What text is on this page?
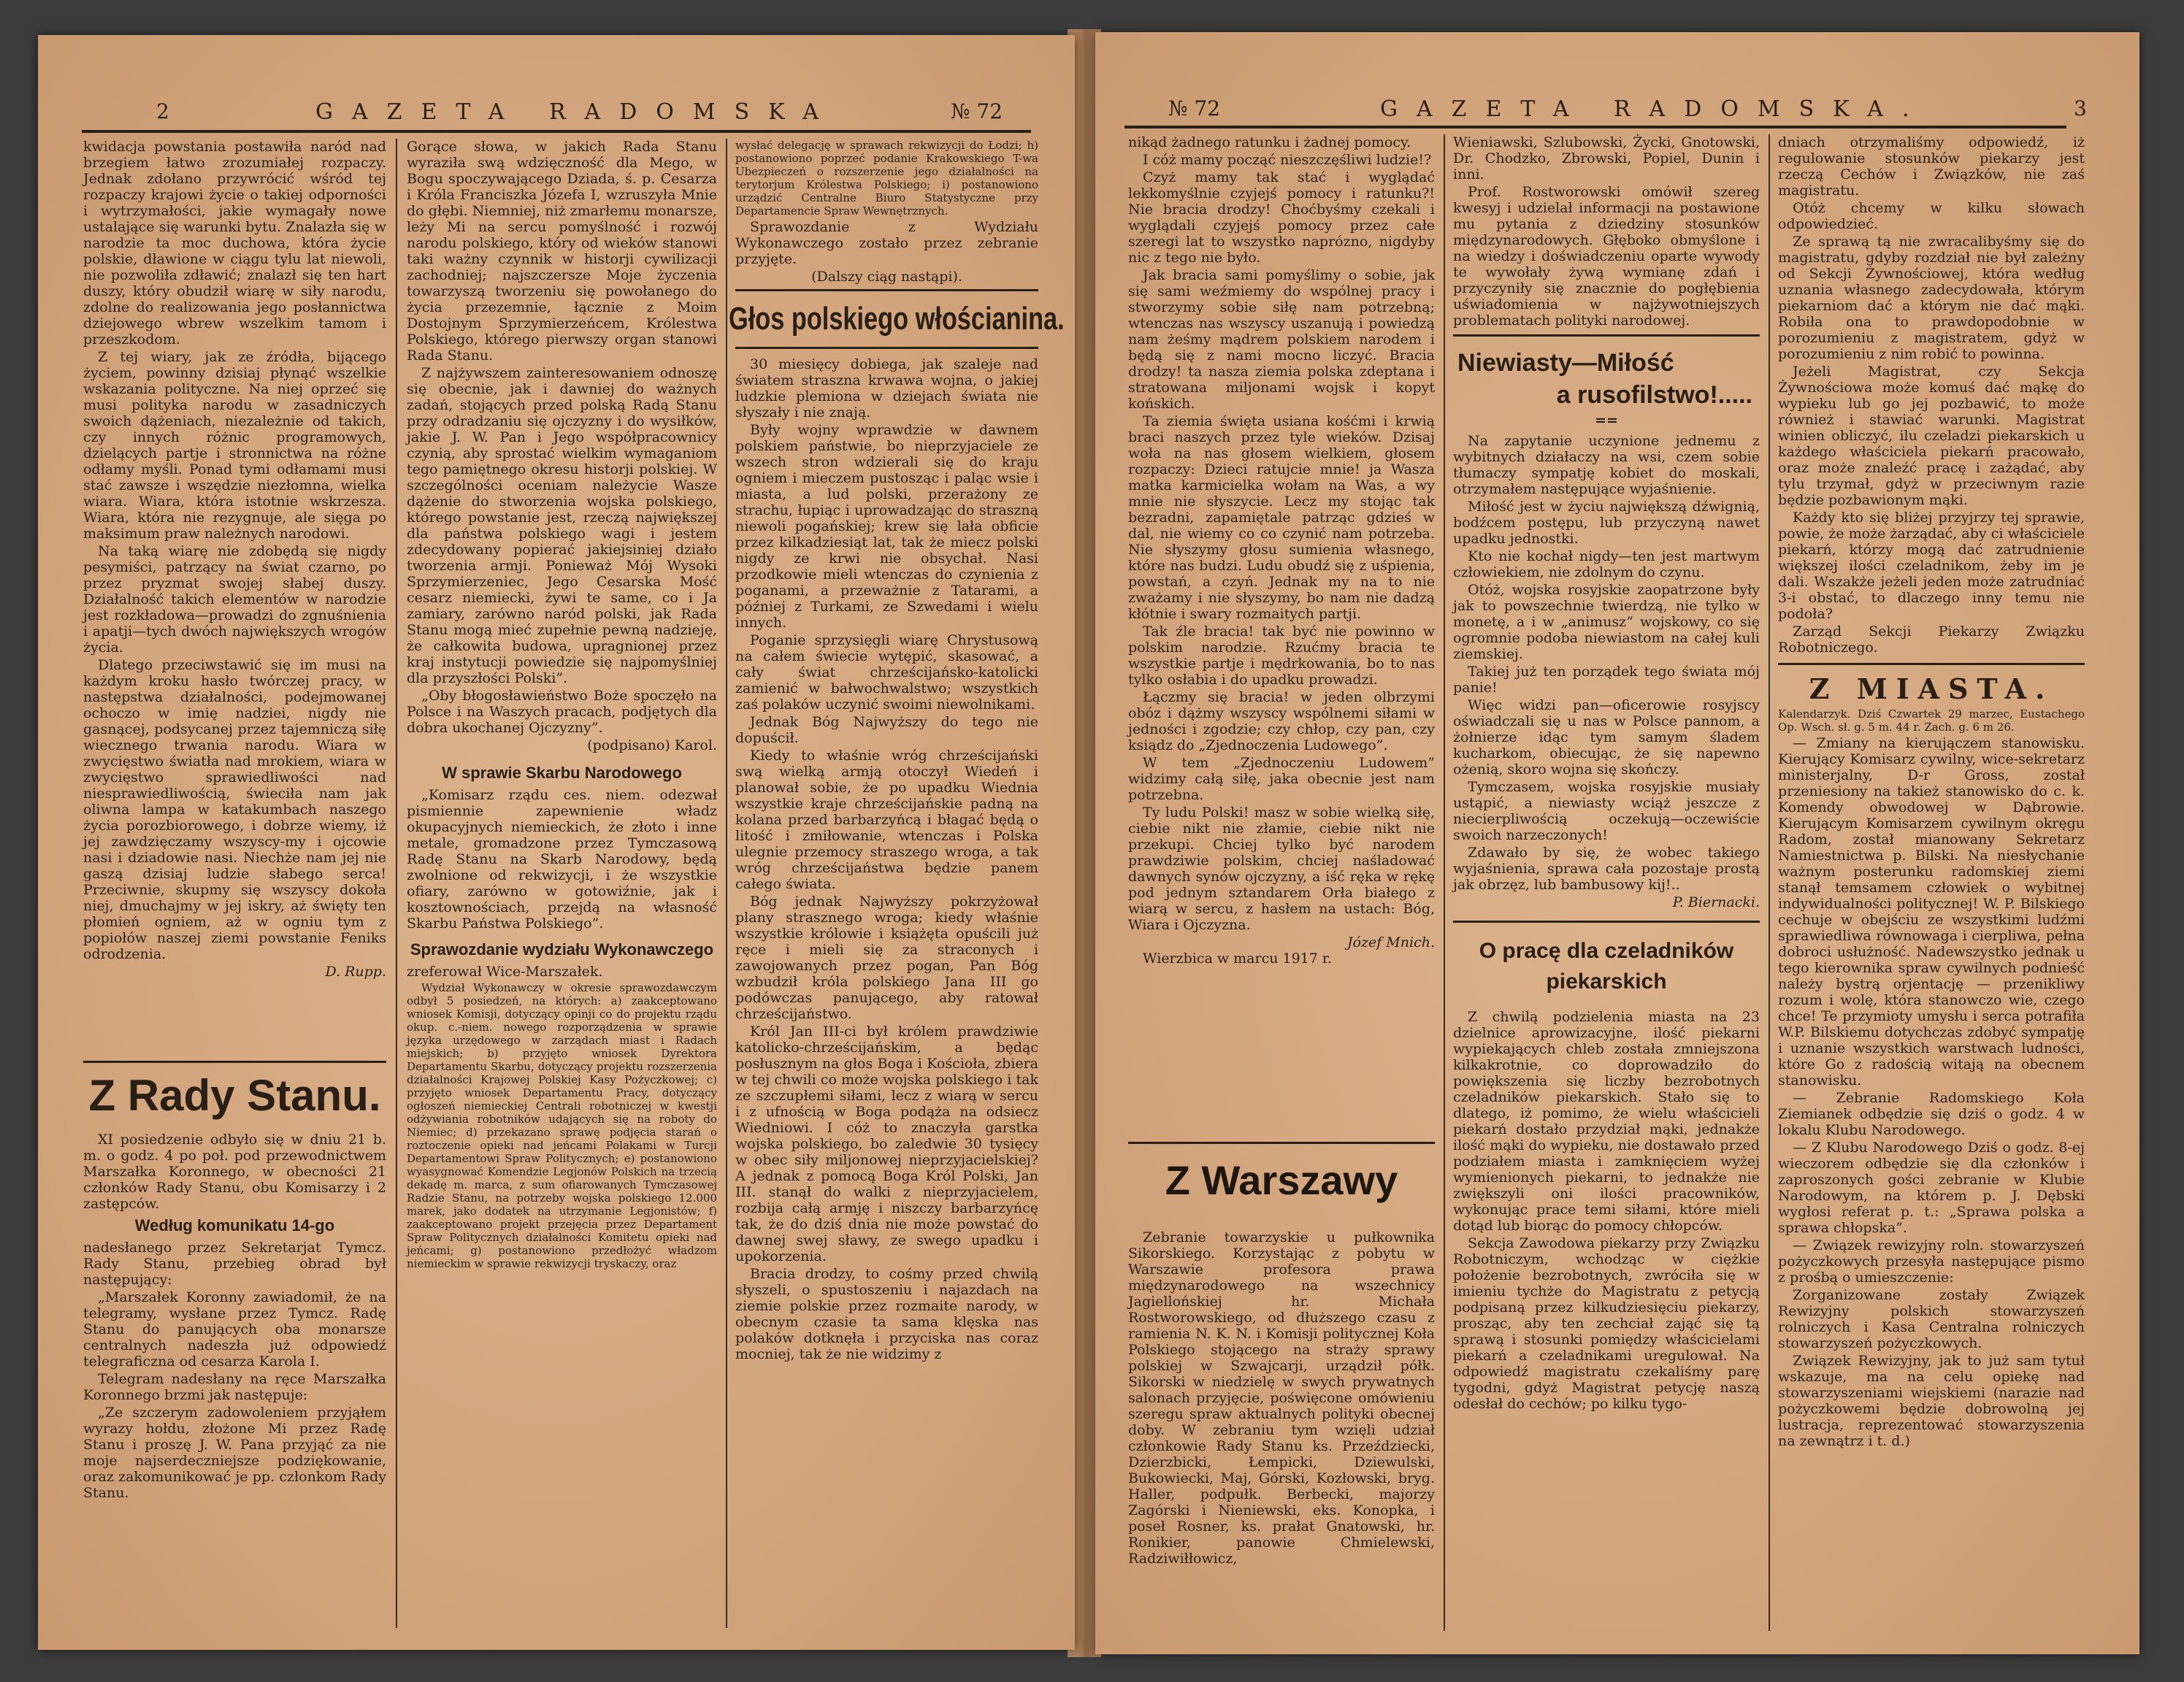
2	GAZETA RADOMSKA	№ 72

kwidacja powstania postawiła naród nad brzegiem łatwo zrozumiałej rozpaczy. Jednak zdołano przywrócić wśród tej rozpaczy krajowi życie o takiej odporności i wytrzymałości, jakie wymagały nowe ustalające się warunki bytu. Znalazła się w narodzie ta moc duchowa, która życie polskie, dławione w ciągu tylu lat niewoli, nie pozwoliła zdławić; znalazł się ten hart duszy, który obudził wiarę w siły narodu, zdolne do realizowania jego posłannictwa dziejowego wbrew wszelkim tamom i przeszkodom.

Z tej wiary, jak ze źródła, bijącego życiem, powinny dzisiaj płynąć wszelkie wskazania polityczne. Na niej oprzeć się musi polityka narodu w zasadniczych swoich dążeniach, niezależnie od takich, czy innych różnic programowych, dzielących partje i stronnictwa na różne odłamy myśli. Ponad tymi odłamami musi stać zawsze i wszędzie niezłomna, wielka wiara. Wiara, która istotnie wskrzesza. Wiara, która nie rezygnuje, ale sięga po maksimum praw należnych narodowi.

Na taką wiarę nie zdobędą się nigdy pesymiści, patrzący na świat czarno, po przez pryzmat swojej słabej duszy. Działalność takich elementów w narodzie jest rozkładowa—prowadzi do zgnuśnienia i apatji—tych dwóch największych wrogów życia.

Dlatego przeciwstawić się im musi na każdym kroku hasło twórczej pracy, w następstwa działalności, podejmowanej ochoczo w imię nadziei, nigdy nie gasnącej, podsycanej przez tajemniczą siłę wiecznego trwania narodu. Wiara w zwycięstwo światła nad mrokiem, wiara w zwycięstwo sprawiedliwości nad niesprawiedliwością, świeciła nam jak oliwna lampa w katakumbach naszego życia porozbiorowego, i dobrze wiemy, iż jej zawdzięczamy wszyscy-my i ojcowie nasi i dziadowie nasi. Niechże nam jej nie gaszą dzisiaj ludzie słabego serca! Przeciwnie, skupmy się wszyscy dokoła niej, dmuchajmy w jej iskry, aż święty ten płomień ogniem, aż w ogniu tym z popiołów naszej ziemi powstanie Feniks odrodzenia.

D. Rupp.
Z Rady Stanu.

XI posiedzenie odbyło się w dniu 21 b. m. o godz. 4 po poł. pod przewodnictwem Marszałka Koronnego, w obecności 21 członków Rady Stanu, obu Komisarzy i 2 zastępców.

Według komunikatu 14-go

nadesłanego przez Sekretarjat Tymcz. Rady Stanu, przebieg obrad był następujący:

„Marszałek Koronny zawiadomił, że na telegramy, wysłane przez Tymcz. Radę Stanu do panujących oba monarsze centralnych nadeszła już odpowiedź telegraficzna od cesarza Karola I.

Telegram nadesłany na ręce Marszałka Koronnego brzmi jak następuje:

„Ze szczerym zadowoleniem przyjąłem wyrazy hołdu, złożone Mi przez Radę Stanu i proszę J. W. Pana przyjąć za nie moje najserdeczniejsze podziękowanie, oraz zakomunikować je pp. członkom Rady Stanu.

Gorące słowa, w jakich Rada Stanu wyraziła swą wdzięczność dla Mego, w Bogu spoczywającego Dziada, ś. p. Cesarza i Króla Franciszka Józefa I, wzruszyła Mnie do głębi. Niemniej, niż zmarłemu monarsze, leży Mi na sercu pomyślność i rozwój narodu polskiego, który od wieków stanowi taki ważny czynnik w historji cywilizacji zachodniej; najszczersze Moje życzenia towarzyszą tworzeniu się powołanego do życia przezemnie, łącznie z Moim Dostojnym Sprzymierzeńcem, Królestwa Polskiego, którego pierwszy organ stanowi Rada Stanu.

Z najżywszem zainteresowaniem odnoszę się obecnie, jak i dawniej do ważnych zadań, stojących przed polską Radą Stanu przy odradzaniu się ojczyzny i do wysiłków, jakie J. W. Pan i Jego współpracownicy czynią, aby sprostać wielkim wymaganiom tego pamiętnego okresu historji polskiej. W szczególności oceniam należycie Wasze dążenie do stworzenia wojska polskiego, którego powstanie jest, rzeczą największej dla państwa polskiego wagi i jestem zdecydowany popierać jakiejsiniej działo tworzenia armji. Ponieważ Mój Wysoki Sprzymierzeniec, Jego Cesarska Mość cesarz niemiecki, żywi te same, co i Ja zamiary, zarówno naród polski, jak Rada Stanu mogą mieć zupełnie pewną nadzieję, że całkowita budowa, upragnionej przez kraj instytucji powiedzie się najpomyślniej dla przyszłości Polski”.

„Oby błogosławieństwo Boże spoczęło na Polsce i na Waszych pracach, podjętych dla dobra ukochanej Ojczyzny”.

(podpisano) Karol.
W sprawie Skarbu Narodowego

„Komisarz rządu ces. niem. odezwał pismiennie zapewnienie władz okupacyjnych niemieckich, że złoto i inne metale, gromadzone przez Tymczasową Radę Stanu na Skarb Narodowy, będą zwolnione od rekwizycji, i że wszystkie ofiary, zarówno w gotowiźnie, jak i kosztownościach, przejdą na własność Skarbu Państwa Polskiego”.

Sprawozdanie wydziału Wykonawczego

zreferował Wice-Marszałek.

Wydział Wykonawczy w okresie sprawozdawczym odbył 5 posiedzeń, na których: a) zaakceptowano wniosek Komisji, dotyczący opinji co do projektu rządu okup. c.-niem. nowego rozporządzenia w sprawie języka urzędowego w zarządach miast i Radach miejskich; b) przyjęto wniosek Dyrektora Departamentu Skarbu, dotyczący projektu rozszerzenia działalności Krajowej Polskiej Kasy Pożyczkowej; c) przyjęto wniosek Departamentu Pracy, dotyczący ogłoszeń niemieckiej Centrali robotniczej w kwestji odżywiania robotników udających się na roboty do Niemiec; d) przekazano sprawę podjęcia starań o roztoczenie opieki nad jeńcami Polakami w Turcji Departamentowi Spraw Politycznych; e) postanowiono wyasygnować Komendzie Legjonów Polskich na trzecią dekadę m. marca, z sum ofiarowanych Tymczasowej Radzie Stanu, na potrzeby wojska polskiego 12.000 marek, jako dodatek na utrzymanie Legjonistów; f) zaakceptowano projekt przejęcia przez Departament Spraw Politycznych działalności Komitetu opieki nad jeńcami; g) postanowiono przedłożyć władzom niemieckim w sprawie rekwizycji tryskaczy, oraz

wysłać delegację w sprawach rekwizycji do Łodzi; h) postanowiono poprzeć podanie Krakowskiego T-wa Ubezpieczeń o rozszerzenie jego działalności na terytorjum Królestwa Polskiego; i) postanowiono urządzić Centralne Biuro Statystyczne przy Departamencie Spraw Wewnętrznych.

Sprawozdanie z Wydziału Wykonawczego zostało przez zebranie przyjęte.

(Dalszy ciąg nastąpi).
Głos polskiego włościanina.

30 miesięcy dobiega, jak szaleje nad światem straszna krwawa wojna, o jakiej ludzkie plemiona w dziejach świata nie słyszały i nie znają.

Były wojny wprawdzie w dawnem polskiem państwie, bo nieprzyjaciele ze wszech stron wdzierali się do kraju ogniem i mieczem pustosząc i paląc wsie i miasta, a lud polski, przerażony ze strachu, łupiąc i uprowadzając do straszną niewoli pogańskiej; krew się lała obficie przez kilkadziesiąt lat, tak że miecz polski nigdy ze krwi nie obsychał. Nasi przodkowie mieli wtenczas do czynienia z poganami, a przeważnie z Tatarami, a później z Turkami, ze Szwedami i wielu innych.

Poganie sprzysięgli wiarę Chrystusową na całem świecie wytępić, skasować, a cały świat chrześcijańsko-katolicki zamienić w bałwochwalstwo; wszystkich zaś polaków uczynić swoimi niewolnikami.

Jednak Bóg Najwyższy do tego nie dopuścił.

Kiedy to właśnie wróg chrześcijański swą wielką armją otoczył Wiedeń i planował sobie, że po upadku Wiednia wszystkie kraje chrześcijańskie padną na kolana przed barbarzyńcą i błagać będą o litość i zmiłowanie, wtenczas i Polska ulegnie przemocy straszego wroga, a tak wróg chrześcijaństwa będzie panem całego świata.

Bóg jednak Najwyższy pokrzyżował plany strasznego wroga; kiedy właśnie wszystkie królowie i książęta opuścili już ręce i mieli się za straconych i zawojowanych przez pogan, Pan Bóg wzbudził króla polskiego Jana III go podówczas panującego, aby ratował chrześcijaństwo.

Król Jan III-ci był królem prawdziwie katolicko-chrześcijańskim, a będąc posłusznym na głos Boga i Kościoła, zbiera w tej chwili co może wojska polskiego i tak ze szczupłemi siłami, lecz z wiarą w sercu i z ufnością w Boga podąża na odsiecz Wiedniowi. I cóż to znaczyła garstka wojska polskiego, bo zaledwie 30 tysięcy w obec siły miljonowej nieprzyjacielskiej? A jednak z pomocą Boga Król Polski, Jan III. stanął do walki z nieprzyjacielem, rozbija całą armję i niszczy barbarzyńcę tak, że do dziś dnia nie może powstać do dawnej swej sławy, ze swego upadku i upokorzenia.

Bracia drodzy, to cośmy przed chwilą słyszeli, o spustoszeniu i najazdach na ziemie polskie przez rozmaite narody, w obecnym czasie ta sama klęska nas polaków dotknęła i przyciska nas coraz mocniej, tak że nie widzimy z

№ 72	GAZETA RADOMSKA.	3

nikąd żadnego ratunku i żadnej pomocy.

I cóż mamy począć nieszczęśliwi ludzie!?

Czyż mamy tak stać i wyglądać lekkomyślnie czyjejś pomocy i ratunku?! Nie bracia drodzy! Choćbyśmy czekali i wyglądali czyjejś pomocy przez całe szeregi lat to wszystko naprózno, nigdyby nic z tego nie było.

Jak bracia sami pomyślimy o sobie, jak się sami weźmiemy do wspólnej pracy i stworzymy sobie siłę nam potrzebną; wtenczas nas wszyscy uszanują i powiedzą nam żeśmy mądrem polskiem narodem i będą się z nami mocno liczyć. Bracia drodzy! ta nasza ziemia polska zdeptana i stratowana miljonami wojsk i kopyt końskich.

Ta ziemia święta usiana kośćmi i krwią braci naszych przez tyle wieków. Dzisaj woła na nas głosem wielkiem, głosem rozpaczy: Dzieci ratujcie mnie! ja Wasza matka karmicielka wołam na Was, a wy mnie nie słyszycie. Lecz my stojąc tak bezradni, zapamiętale patrząc gdzieś w dal, nie wiemy co co czynić nam potrzeba. Nie słyszymy głosu sumienia własnego, które nas budzi. Ludu obudź się z uśpienia, powstań, a czyń. Jednak my na to nie zważamy i nie słyszymy, bo nam nie dadzą kłótnie i swary rozmaitych partji.

Tak źle bracia! tak być nie powinno w polskim narodzie. Rzućmy bracia te wszystkie partje i mędrkowania, bo to nas tylko osłabia i do upadku prowadzi.

Łączmy się bracia! w jeden olbrzymi obóz i dążmy wszyscy wspólnemi siłami w jedności i zgodzie; czy chłop, czy pan, czy ksiądz do „Zjednoczenia Ludowego”.

W tem „Zjednoczeniu Ludowem” widzimy całą siłę, jaka obecnie jest nam potrzebna.

Ty ludu Polski! masz w sobie wielką siłę, ciebie nikt nie złamie, ciebie nikt nie przekupi. Chciej tylko być narodem prawdziwie polskim, chciej naśladować dawnych synów ojczyzny, a iść ręka w rękę pod jednym sztandarem Orła białego z wiarą w sercu, z hasłem na ustach: Bóg, Wiara i Ojczyzna.

Józef Mnich.

Wierzbica w marcu 1917 r.

Z Warszawy

Zebranie towarzyskie u pułkownika Sikorskiego. Korzystając z pobytu w Warszawie profesora prawa międzynarodowego na wszechnicy Jagiellońskiej hr. Michała Rostworowskiego, od dłuższego czasu z ramienia N. K. N. i Komisji politycznej Koła Polskiego stojącego na straży sprawy polskiej w Szwajcarji, urządził półk. Sikorski w niedzielę w swych prywatnych salonach przyjęcie, poświęcone omówieniu szeregu spraw aktualnych polityki obecnej doby. W zebraniu tym wzięli udział członkowie Rady Stanu ks. Przeździecki, Dzierzbicki, Łempicki, Dziewulski, Bukowiecki, Maj, Górski, Kozłowski, bryg. Haller, podpułk. Berbecki, majorzy Zagórski i Nieniewski, eks. Konopka, i poseł Rosner, ks. prałat Gnatowski, hr. Ronikier, panowie Chmielewski, Radziwiłłowicz,

Wieniawski, Szlubowski, Życki, Gnotowski, Dr. Chodzko, Zbrowski, Popiel, Dunin i inni.

Prof. Rostworowski omówił szereg kwesyj i udzielał informacji na postawione mu pytania z dziedziny stosunków międzynarodowych. Głęboko obmyślone i na wiedzy i doświadczeniu oparte wywody te wywołały żywą wymianę zdań i przyczyniły się znacznie do pogłębienia uświadomienia w najżywotniejszych problematach polityki narodowej.

Niewiasty—Miłość
a rusofilstwo!.....
==

Na zapytanie uczynione jednemu z wybitnych działaczy na wsi, czem sobie tłumaczy sympatję kobiet do moskali, otrzymałem następujące wyjaśnienie.

Miłość jest w życiu największą dźwignią, bodźcem postępu, lub przyczyną nawet upadku jednostki.

Kto nie kochał nigdy—ten jest martwym człowiekiem, nie zdolnym do czynu.

Otóż, wojska rosyjskie zaopatrzone były jak to powszechnie twierdzą, nie tylko w monetę, a i w „animusz” wojskowy, co się ogromnie podoba niewiastom na całej kuli ziemskiej.

Takiej już ten porządek tego świata mój panie!

Więc widzi pan—oficerowie rosyjscy oświadczali się u nas w Polsce pannom, a żołnierze idąc tym samym śladem kucharkom, obiecując, że się napewno ożenią, skoro wojna się skończy.

Tymczasem, wojska rosyjskie musiały ustąpić, a niewiasty wciąż jeszcze z niecierpliwością oczekują—oczewiście swoich narzeczonych!

Zdawało by się, że wobec takiego wyjaśnienia, sprawa cała pozostaje prostą jak obrzęz, lub bambusowy kij!..

P. Biernacki.
O pracę dla czeladników
piekarskich

Z chwilą podzielenia miasta na 23 dzielnice aprowizacyjne, ilość piekarni wypiekających chleb została zmniejszona kilkakrotnie, co doprowadziło do powiększenia się liczby bezrobotnych czeladników piekarskich. Stało się to dlatego, iż pomimo, że wielu właścicieli piekarń dostało przydział mąki, jednakże ilość mąki do wypieku, nie dostawało przed podziałem miasta i zamknięciem wyżej wymienionych piekarni, to jednakże nie zwiększyli oni ilości pracowników, wykonując prace temi siłami, które mieli dotąd lub biorąc do pomocy chłopców.

Sekcja Zawodowa piekarzy przy Związku Robotniczym, wchodząc w ciężkie położenie bezrobotnych, zwróciła się w imieniu tychże do Magistratu z petycją podpisaną przez kilkudziesięciu piekarzy, prosząc, aby ten zechciał zająć się tą sprawą i stosunki pomiędzy właścicielami piekarń a czeladnikami uregulował. Na odpowiedź magistratu czekaliśmy parę tygodni, gdyż Magistrat petycję naszą odesłał do cechów; po kilku tygo-

dniach otrzymaliśmy odpowiedź, iż regulowanie stosunków piekarzy jest rzeczą Cechów i Związków, nie zaś magistratu.

Otóż chcemy w kilku słowach odpowiedzieć.

Ze sprawą tą nie zwracalibyśmy się do magistratu, gdyby rozdział nie był zależny od Sekcji Żywnościowej, która według uznania własnego zadecydowała, którym piekarniom dać a którym nie dać mąki. Robiła ona to prawdopodobnie w porozumieniu z magistratem, gdyż w porozumieniu z nim robić to powinna.

Jeżeli Magistrat, czy Sekcja Żywnościowa może komuś dać mąkę do wypieku lub go jej pozbawić, to może również i stawiać warunki. Magistrat winien obliczyć, ilu czeladzi piekarskich u każdego właściciela piekarń pracowało, oraz może znaleźć pracę i zażądać, aby tylu trzymał, gdyż w przeciwnym razie będzie pozbawionym mąki.

Każdy kto się bliżej przyjrzy tej sprawie, powie, że może żarządać, aby ci właściciele piekarń, którzy mogą dać zatrudnienie większej ilości czeladnikom, żeby im je dali. Wszakże jeżeli jeden może zatrudniać 3-i obstać, to dlaczego inny temu nie podoła?

Zarząd Sekcji Piekarzy Związku Robotniczego.

Z MIASTA.

Kalendarzyk. Dziś Czwartek 29 marzec, Eustachego Op. Wsch. sł. g. 5 m. 44 r. Zach. g. 6 m 26.

— Zmiany na kierujączem stanowisku. Kierujący Komisarz cywilny, wice-sekretarz ministerjalny, D-r Gross, został przeniesiony na takież stanowisko do c. k. Komendy obwodowej w Dąbrowie. Kierującym Komisarzem cywilnym okręgu Radom, został mianowany Sekretarz Namiestnictwa p. Bilski. Na niesłychanie ważnym posterunku radomskiej ziemi stanął temsamem człowiek o wybitnej indywidualności politycznej! W. P. Bilskiego cechuje w obejściu ze wszystkimi ludźmi sprawiedliwa równowaga i cierpliwa, pełna dobroci usłużność. Nadewszystko jednak u tego kierownika spraw cywilnych podnieść należy bystrą orjentację — przenikliwy rozum i wolę, która stanowczo wie, czego chce! Te przymioty umysłu i serca potrafiła W.P. Bilskiemu dotychczas zdobyć sympatję i uznanie wszystkich warstwach ludności, które Go z radością witają na obecnem stanowisku.

— Zebranie Radomskiego Koła Ziemianek odbędzie się dziś o godz. 4 w lokalu Klubu Narodowego.

— Z Klubu Narodowego Dziś o godz. 8-ej wieczorem odbędzie się dla członków i zaproszonych gości zebranie w Klubie Narodowym, na którem p. J. Dębski wygłosi referat p. t.: „Sprawa polska a sprawa chłopska”.

— Związek rewizyjny roln. stowarzyszeń pożyczkowych przesyła następujące pismo z prośbą o umieszczenie:

Zorganizowane zostały Związek Rewizyjny polskich stowarzyszeń rolniczych i Kasa Centralna rolniczych stowarzyszeń pożyczkowych.

Związek Rewizyjny, jak to już sam tytuł wskazuje, ma na celu opiekę nad stowarzyszeniami wiejskiemi (narazie nad pożyczkowemi będzie dobrowolną jej lustracja, reprezentować stowarzyszenia na zewnątrz i t. d.)
